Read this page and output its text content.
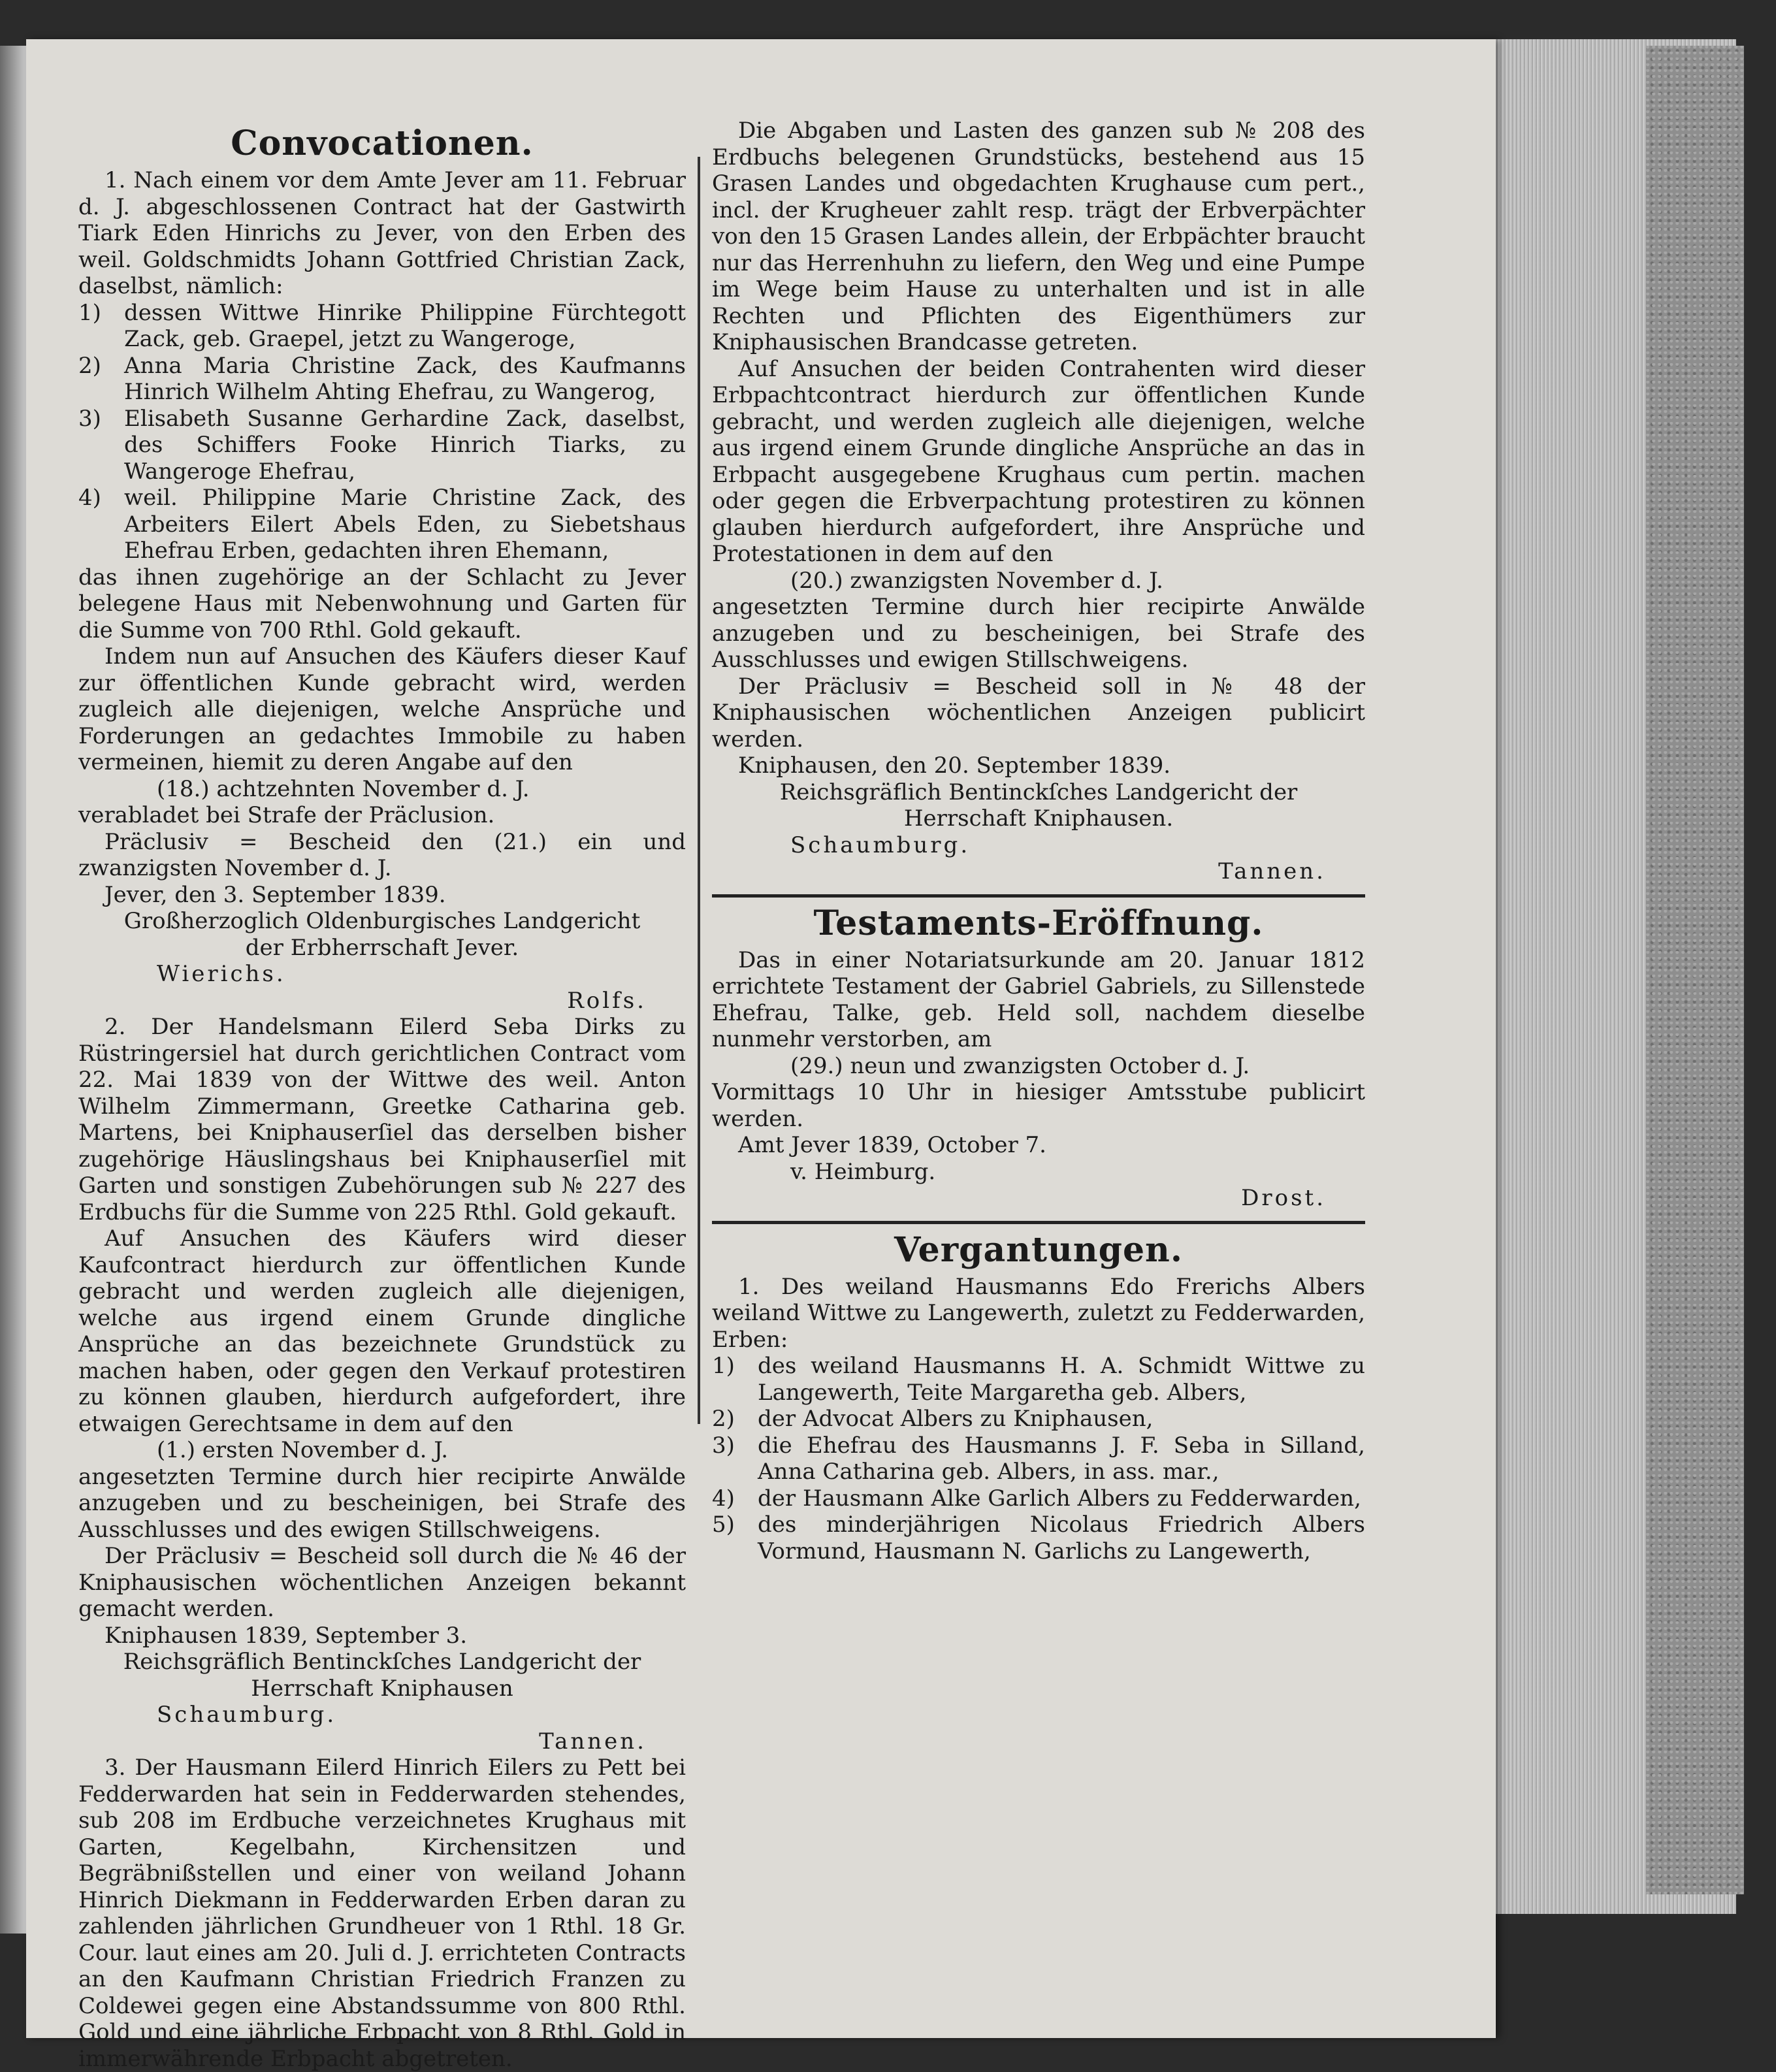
Convocationen.

1. Nach einem vor dem Amte Jever am 11. Februar d. J. abgeschlossenen Contract hat der Gastwirth Tiark Eden Hinrichs zu Jever, von den Erben des weil. Goldschmidts Johann Gottfried Christian Zack, daselbst, nämlich:

1)	dessen Wittwe Hinrike Philippine Fürchtegott Zack, geb. Graepel, jetzt zu Wangeroge,
2)	Anna Maria Christine Zack, des Kaufmanns Hinrich Wilhelm Ahting Ehefrau, zu Wangerog,
3)	Elisabeth Susanne Gerhardine Zack, daselbst, des Schiffers Fooke Hinrich Tiarks, zu Wangeroge Ehefrau,
4)	weil. Philippine Marie Christine Zack, des Arbeiters Eilert Abels Eden, zu Siebetshaus Ehefrau Erben, gedachten ihren Ehemann,

das ihnen zugehörige an der Schlacht zu Jever belegene Haus mit Nebenwohnung und Garten für die Summe von 700 Rthl. Gold gekauft.

Indem nun auf Ansuchen des Käufers dieser Kauf zur öffentlichen Kunde gebracht wird, werden zugleich alle diejenigen, welche Ansprüche und Forderungen an gedachtes Immobile zu haben vermeinen, hiemit zu deren Angabe auf den

(18.) achtzehnten November d. J.

verabladet bei Strafe der Präclusion.

Präclusiv = Bescheid den (21.) ein und zwanzigsten November d. J.

Jever, den 3. September 1839.

Großherzoglich Oldenburgisches Landgericht

der Erbherrschaft Jever.

Wierichs.

Rolfs.

2. Der Handelsmann Eilerd Seba Dirks zu Rüstringersiel hat durch gerichtlichen Contract vom 22. Mai 1839 von der Wittwe des weil. Anton Wilhelm Zimmermann, Greetke Catharina geb. Martens, bei Kniphauserſiel das derselben bisher zugehörige Häuslingshaus bei Kniphauserſiel mit Garten und sonstigen Zubehörungen sub № 227 des Erdbuchs für die Summe von 225 Rthl. Gold gekauft.

Auf Ansuchen des Käufers wird dieser Kaufcontract hierdurch zur öffentlichen Kunde gebracht und werden zugleich alle diejenigen, welche aus irgend einem Grunde dingliche Ansprüche an das bezeichnete Grundstück zu machen haben, oder gegen den Verkauf protestiren zu können glauben, hierdurch aufgefordert, ihre etwaigen Gerechtsame in dem auf den

(1.) ersten November d. J.

angesetzten Termine durch hier recipirte Anwälde anzugeben und zu bescheinigen, bei Strafe des Ausschlusses und des ewigen Stillschweigens.

Der Präclusiv = Bescheid soll durch die № 46 der Kniphausischen wöchentlichen Anzeigen bekannt gemacht werden.

Kniphausen 1839, September 3.

Reichsgräflich Bentinckſches Landgericht der

Herrschaft Kniphausen

Schaumburg.

Tannen.

3. Der Hausmann Eilerd Hinrich Eilers zu Pett bei Fedderwarden hat sein in Fedderwarden stehendes, sub 208 im Erdbuche verzeichnetes Krughaus mit Garten, Kegelbahn, Kirchensitzen und Begräbnißstellen und einer von weiland Johann Hinrich Diekmann in Fedderwarden Erben daran zu zahlenden jährlichen Grundheuer von 1 Rthl. 18 Gr. Cour. laut eines am 20. Juli d. J. errichteten Contracts an den Kaufmann Christian Friedrich Franzen zu Coldewei gegen eine Abstandssumme von 800 Rthl. Gold und eine jährliche Erbpacht von 8 Rthl. Gold in immerwährende Erbpacht abgetreten.

Die Abgaben und Lasten des ganzen sub № 208 des Erdbuchs belegenen Grundstücks, bestehend aus 15 Grasen Landes und obgedachten Krughause cum pert., incl. der Krugheuer zahlt resp. trägt der Erbverpächter von den 15 Grasen Landes allein, der Erbpächter braucht nur das Herrenhuhn zu liefern, den Weg und eine Pumpe im Wege beim Hause zu unterhalten und ist in alle Rechten und Pflichten des Eigenthümers zur Kniphausischen Brandcasse getreten.

Auf Ansuchen der beiden Contrahenten wird dieser Erbpachtcontract hierdurch zur öffentlichen Kunde gebracht, und werden zugleich alle diejenigen, welche aus irgend einem Grunde dingliche Ansprüche an das in Erbpacht ausgegebene Krughaus cum pertin. machen oder gegen die Erbverpachtung protestiren zu können glauben hierdurch aufgefordert, ihre Ansprüche und Protestationen in dem auf den

(20.) zwanzigsten November d. J.

angesetzten Termine durch hier recipirte Anwälde anzugeben und zu bescheinigen, bei Strafe des Ausschlusses und ewigen Stillschweigens.

Der Präclusiv = Bescheid soll in № 48 der Kniphausischen wöchentlichen Anzeigen publicirt werden.

Kniphausen, den 20. September 1839.

Reichsgräflich Bentinckſches Landgericht der

Herrschaft Kniphausen.

Schaumburg.

Tannen.

Testaments-Eröffnung.

Das in einer Notariatsurkunde am 20. Januar 1812 errichtete Testament der Gabriel Gabriels, zu Sillenstede Ehefrau, Talke, geb. Held soll, nachdem dieselbe nunmehr verstorben, am

(29.) neun und zwanzigsten October d. J.

Vormittags 10 Uhr in hiesiger Amtsstube publicirt werden.

Amt Jever 1839, October 7.

v. Heimburg.

Drost.

Vergantungen.

1. Des weiland Hausmanns Edo Frerichs Albers weiland Wittwe zu Langewerth, zuletzt zu Fedderwarden, Erben:

1)	des weiland Hausmanns H. A. Schmidt Wittwe zu Langewerth, Teite Margaretha geb. Albers,
2)	der Advocat Albers zu Kniphausen,
3)	die Ehefrau des Hausmanns J. F. Seba in Silland, Anna Catharina geb. Albers, in ass. mar.,
4)	der Hausmann Alke Garlich Albers zu Fedderwarden,
5)	des minderjährigen Nicolaus Friedrich Albers Vormund, Hausmann N. Garlichs zu Langewerth,
